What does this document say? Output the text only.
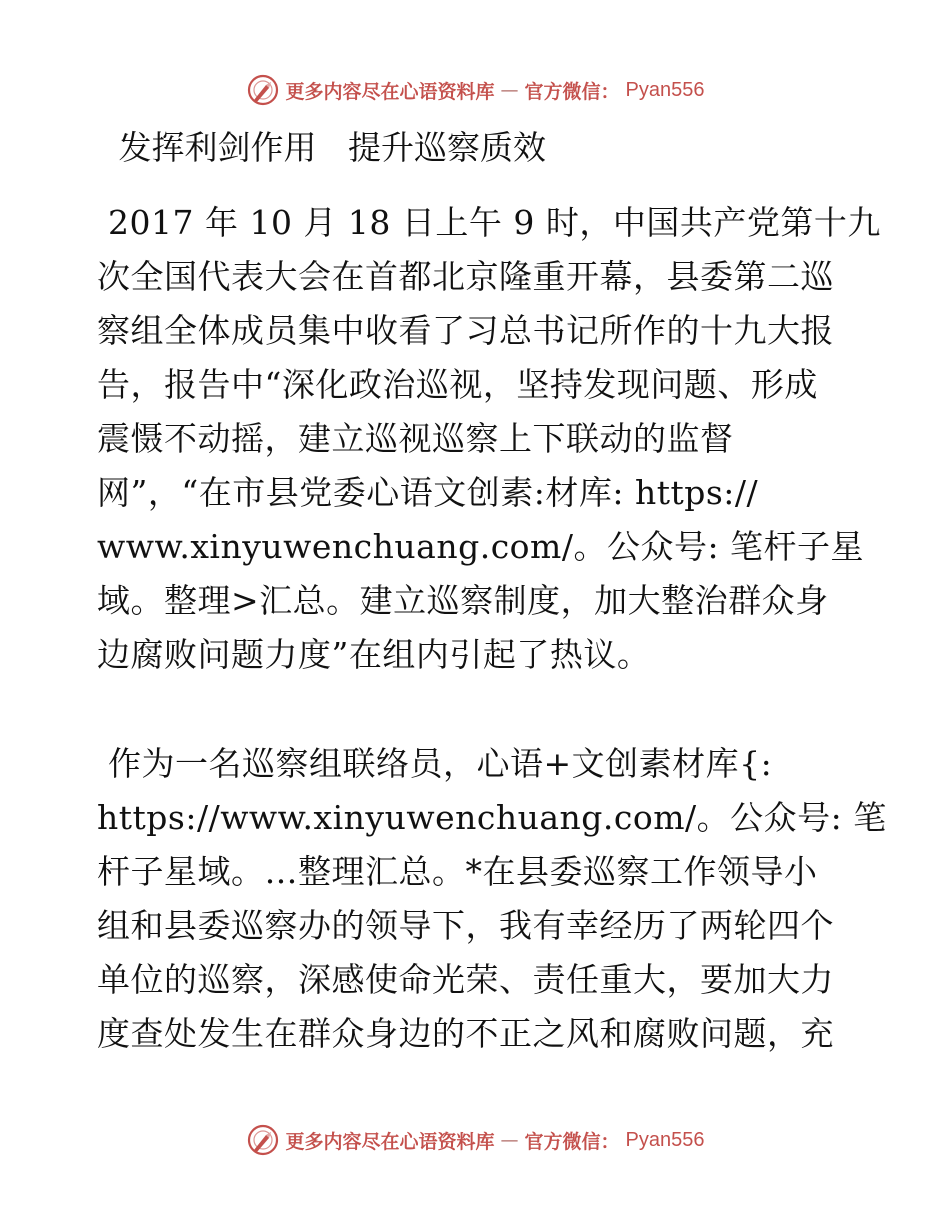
更多内容尽在心语资料库 — 官方微信： Pyan556
发挥利剑作用   提升巡察质效
2017 年 10 月 18 日上午 9 时，中国共产党第十九
次全国代表大会在首都北京隆重开幕，县委第二巡
察组全体成员集中收看了习总书记所作的十九大报
告，报告中“深化政治巡视，坚持发现问题、形成
震慑不动摇，建立巡视巡察上下联动的监督
网”，“在市县党委心语文创素:材库: https://
www.xinyuwenchuang.com/。公众号: 笔杆子星
域。整理>汇总。建立巡察制度，加大整治群众身
边腐败问题力度”在组内引起了热议。
作为一名巡察组联络员，心语+文创素材库{:
https://www.xinyuwenchuang.com/。公众号: 笔
杆子星域。…整理汇总。*在县委巡察工作领导小
组和县委巡察办的领导下，我有幸经历了两轮四个
单位的巡察，深感使命光荣、责任重大，要加大力
度查处发生在群众身边的不正之风和腐败问题，充
更多内容尽在心语资料库 — 官方微信： Pyan556
